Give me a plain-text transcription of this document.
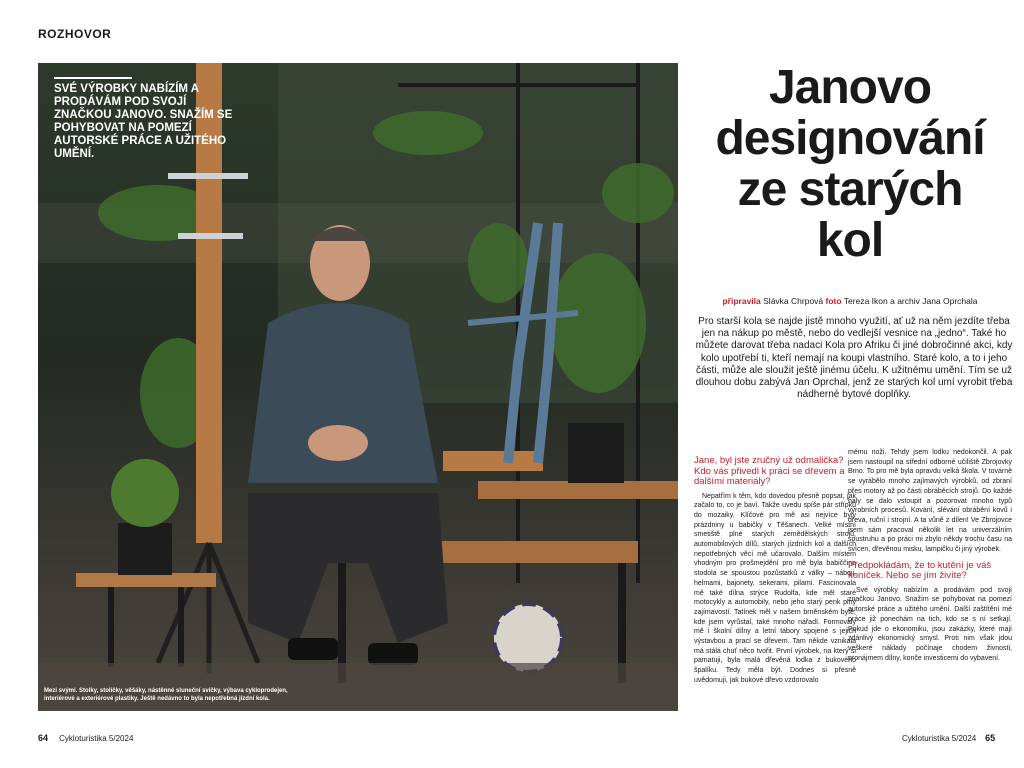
ROZHOVOR
SVÉ VÝROBKY NABÍZÍM A PRODÁVÁM POD SVOJÍ ZNAČKOU JANOVO. SNAŽÍM SE POHYBOVAT NA POMEZÍ AUTORSKÉ PRÁCE A UŽITÉHO UMĚNÍ.
Mezi svými. Stolky, stoličky, věšáky, nástěnné sluneční svíčky, výbava cykloprodejen, interiérové a exteriérové plastiky. Ještě nedávno to byla nepotřebná jízdní kola.
Janovo
designování
ze starých
kol
připravila Slávka Chrpová foto Tereza Ikon a archiv Jana Oprchala

Pro starší kola se najde jistě mnoho využití, ať už na něm jezdíte třeba jen na nákup po městě, nebo do vedlejší vesnice na „jedno“. Také ho můžete darovat třeba nadaci Kola pro Afriku či jiné dobročinné akci, kdy kolo upotřebí ti, kteří nemají na koupi vlastního. Staré kolo, a to i jeho části, může ale sloužit ještě jinému účelu. K užitnému umění. Tím se už dlouhou dobu zabývá Jan Oprchal, jenž ze starých kol umí vyrobit třeba nádherné bytové doplňky.

Jane, byl jste zručný už odmalička? Kdo vás přivedl k práci se dřevem a dalšími materiály?

Nepatřím k těm, kdo dovedou přesně popsat, jak začalo to, co je baví. Takže uvedu spíše pár střípků do mozaiky. Klíčové pro mě asi nejvíce byly prázdniny u babičky v Těšanech. Velké místní smetiště plné starých zemědělských strojů, automobilových dílů, starých jízdních kol a dalších nepotřebných věcí mě učarovalo. Dalším místem vhodným pro prošmejdění pro mě byla babiččina stodola se spoustou pozůstatků z války – náboji, helmami, bajonety, sekerami, pilami. Fascinovala mě také dílna strýce Rudolfa, kde měl staré motocykly a automobily, nebo jeho starý penk plný zajímavostí. Tatínek měl v našem brněnském bytě, kde jsem vyrůstal, také mnoho nářadí. Formovaly mě i školní dílny a letní tábory spojené s jejich výstavbou a prací se dřevem. Tam někde vznikala má stálá chuť něco tvořit. První výrobek, na který si pamatuji, byla malá dřevěná lodka z bukového špalíku. Tedy měla být. Dodnes si přesně uvědomuji, jak bukové dřevo vzdorovalo

mému noži. Tehdy jsem lodku nedokončil. A pak jsem nastoupil na střední odborné učiliště Zbrojovky Brno. To pro mě byla opravdu velká škola. V továrně se vyrábělo mnoho zajímavých výrobků, od zbraní přes motory až po části obráběcích strojů. Do každé haly se dalo vstoupit a pozorovat mnoho typů výrobních procesů. Kování, slévání obrábění kovů i dřeva, ruční i strojní. A ta vůně z dílen! Ve Zbrojovce jsem sám pracoval několik let na univerzálním soustruhu a po práci mi zbylo někdy trochu času na svícen, dřevěnou misku, lampičku či jiný výrobek.

Předpokládám, že to kutění je váš koníček. Nebo se jím živíte?

Své výrobky nabízím a prodávám pod svojí značkou Janovo. Snažím se pohybovat na pomezí autorské práce a užitého umění. Další zaštítění mé práce již ponechám na tich, kdo se s ní setkají. Pokud jde o ekonomiku, jsou zakázky, které mají zdánlivý ekonomický smysl. Proti nim však jdou veškeré náklady počínaje chodem živnosti, pronájmem dílny, konče investicemi do vybavení.

64 Cykloturistika 5/2024	Cykloturistika 5/2024 65
